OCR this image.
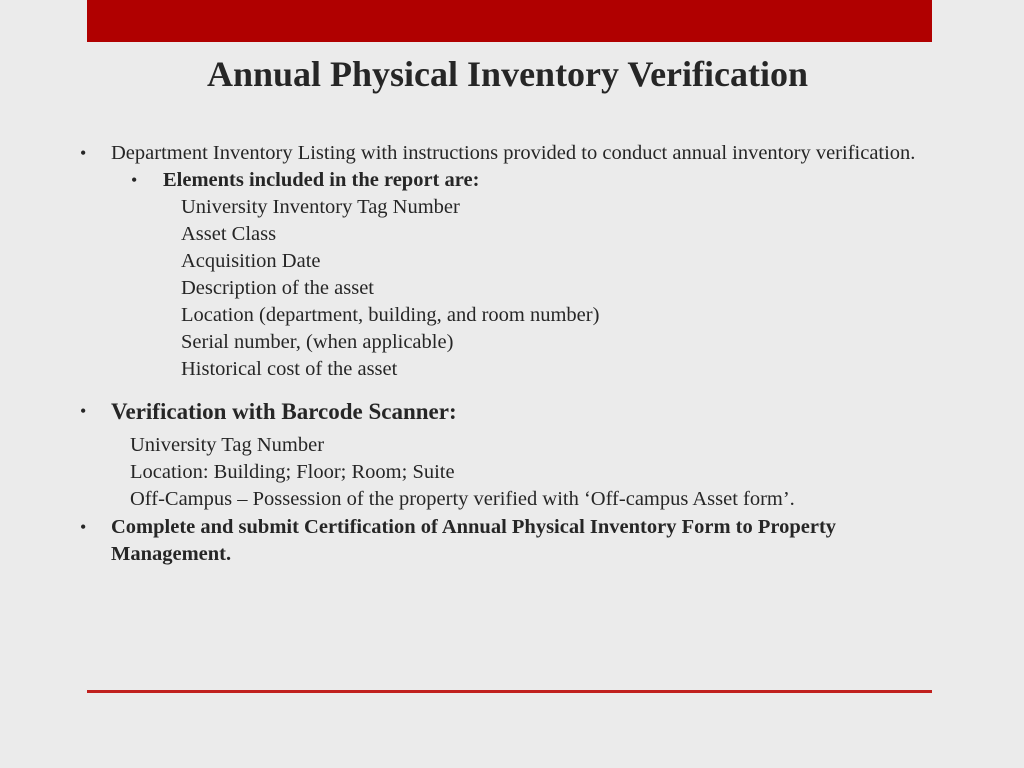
Annual Physical Inventory Verification
• Department Inventory Listing with instructions provided to conduct annual inventory verification.
• Elements included in the report are:
University Inventory Tag Number
Asset Class
Acquisition Date
Description of the asset
Location (department, building, and room number)
Serial number, (when applicable)
Historical cost of the asset
• Verification with Barcode Scanner:
University Tag Number
Location: Building; Floor; Room; Suite
Off-Campus – Possession of the property verified with ‘Off-campus Asset form’.
• Complete and submit Certification of Annual Physical Inventory Form to Property
Management.
